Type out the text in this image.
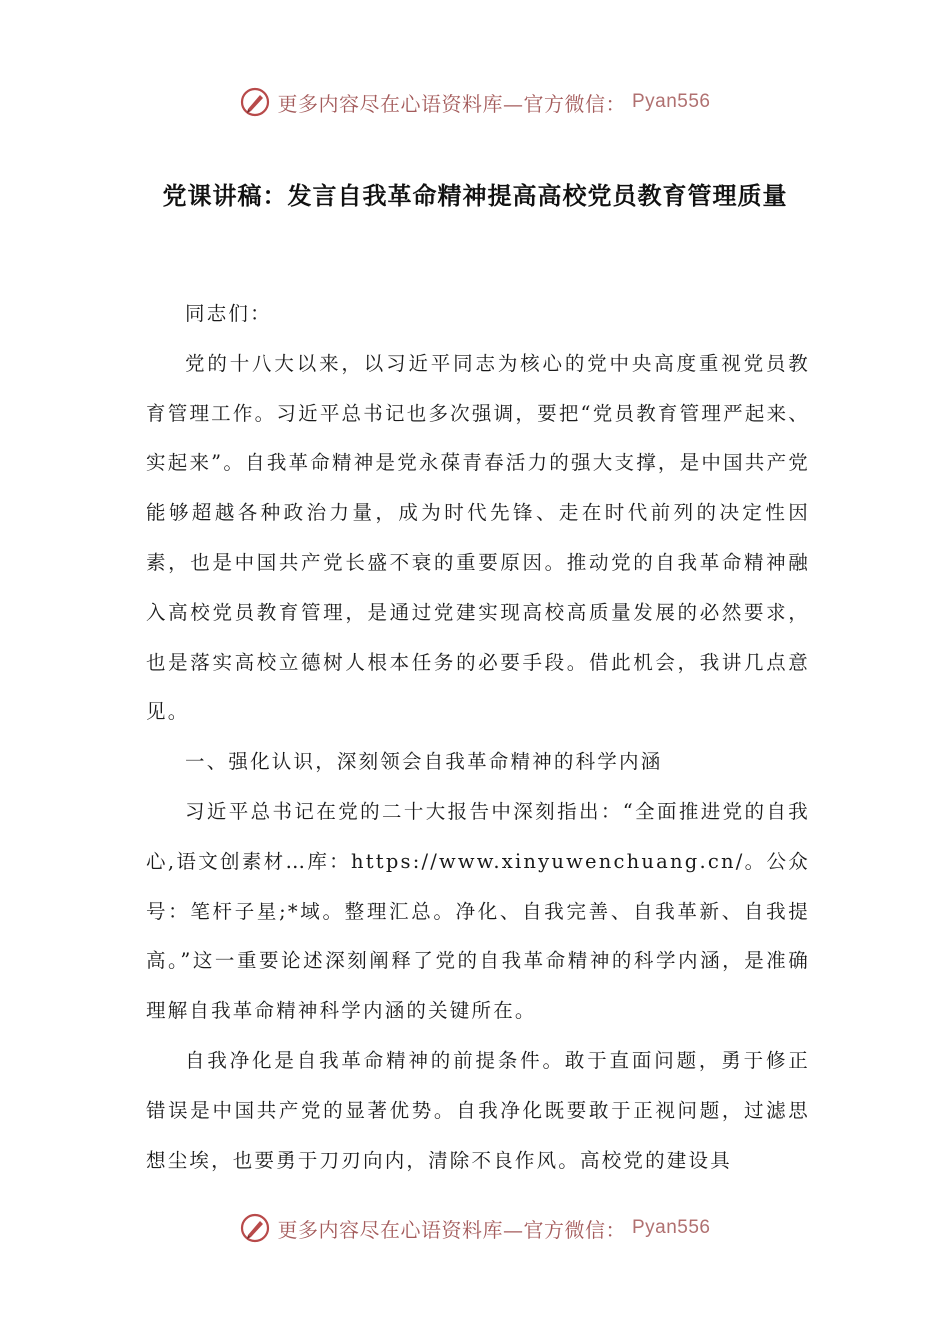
更多内容尽在心语资料库—官方微信： Pyan556
党课讲稿：发言自我革命精神提高高校党员教育管理质量

同志们：

党的十八大以来，以习近平同志为核心的党中央高度重视党员教育管理工作。习近平总书记也多次强调，要把“党员教育管理严起来、实起来”。自我革命精神是党永葆青春活力的强大支撑，是中国共产党能够超越各种政治力量，成为时代先锋、走在时代前列的决定性因素，也是中国共产党长盛不衰的重要原因。推动党的自我革命精神融入高校党员教育管理，是通过党建实现高校高质量发展的必然要求，也是落实高校立德树人根本任务的必要手段。借此机会，我讲几点意见。

一、强化认识，深刻领会自我革命精神的科学内涵

习近平总书记在党的二十大报告中深刻指出：“全面推进党的自我心,语文创素材…库：https://www.xinyuwenchuang.cn/。公众号：笔杆子星;*域。整理汇总。净化、自我完善、自我革新、自我提高。”这一重要论述深刻阐释了党的自我革命精神的科学内涵，是准确理解自我革命精神科学内涵的关键所在。

自我净化是自我革命精神的前提条件。敢于直面问题，勇于修正错误是中国共产党的显著优势。自我净化既要敢于正视问题，过滤思想尘埃，也要勇于刀刃向内，清除不良作风。高校党的建设具

更多内容尽在心语资料库—官方微信： Pyan556
